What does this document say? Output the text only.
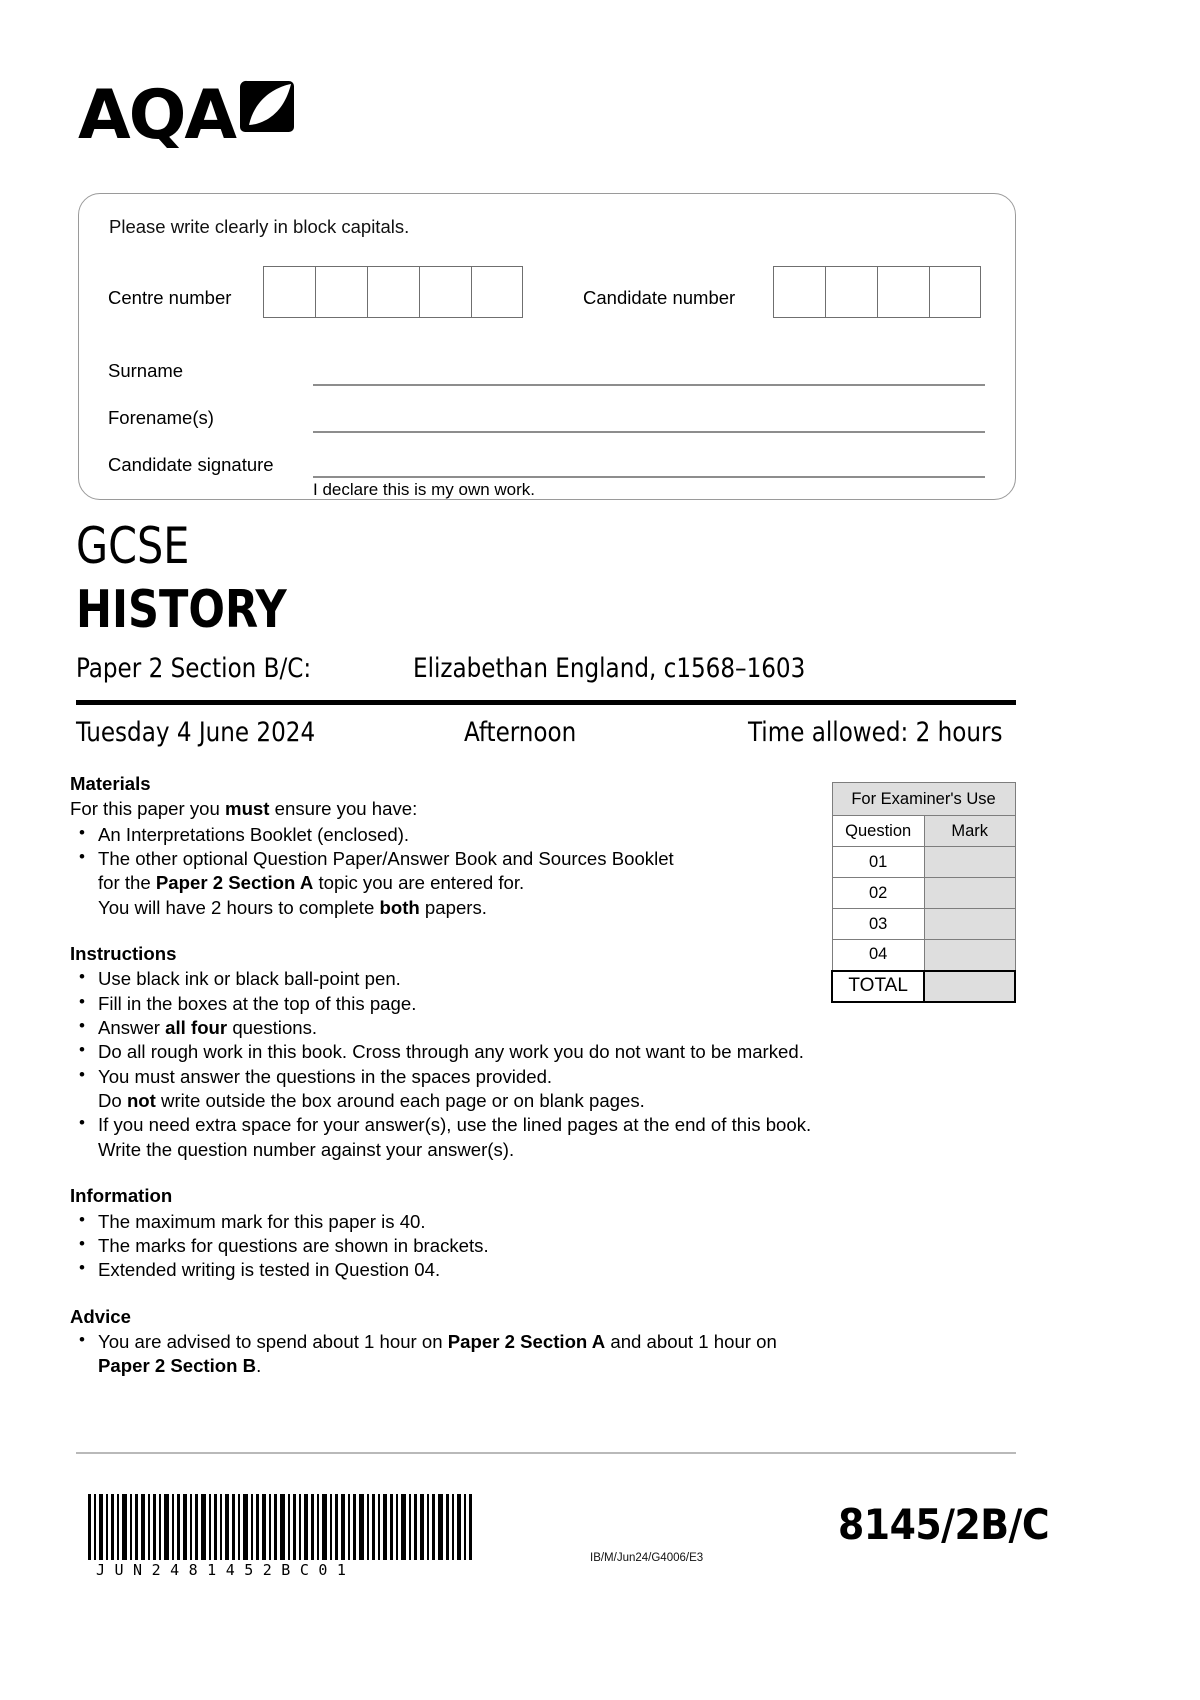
AQA
Please write clearly in block capitals.
Centre number	Candidate number
Surname
Forename(s)
Candidate signature
I declare this is my own work.
GCSE
HISTORY
Paper 2 Section B/C:	Elizabethan England, c1568–1603
Tuesday 4 June 2024	Afternoon	Time allowed: 2 hours
Materials
For this paper you must ensure you have:
• An Interpretations Booklet (enclosed).
• The other optional Question Paper/Answer Book and Sources Booklet
for the Paper 2 Section A topic you are entered for.
You will have 2 hours to complete both papers.
Instructions
• Use black ink or black ball-point pen.
• Fill in the boxes at the top of this page.
• Answer all four questions.
• Do all rough work in this book. Cross through any work you do not want to be marked.
• You must answer the questions in the spaces provided.
Do not write outside the box around each page or on blank pages.
• If you need extra space for your answer(s), use the lined pages at the end of this book.
Write the question number against your answer(s).
Information
• The maximum mark for this paper is 40.
• The marks for questions are shown in brackets.
• Extended writing is tested in Question 04.
Advice
• You are advised to spend about 1 hour on Paper 2 Section A and about 1 hour on Paper 2 Section B.
For Examiner's Use	
Question	Mark
01	
02	
03	
04	
TOTAL	
JUN2481452BC01
IB/M/Jun24/G4006/E3
8145/2B/C
